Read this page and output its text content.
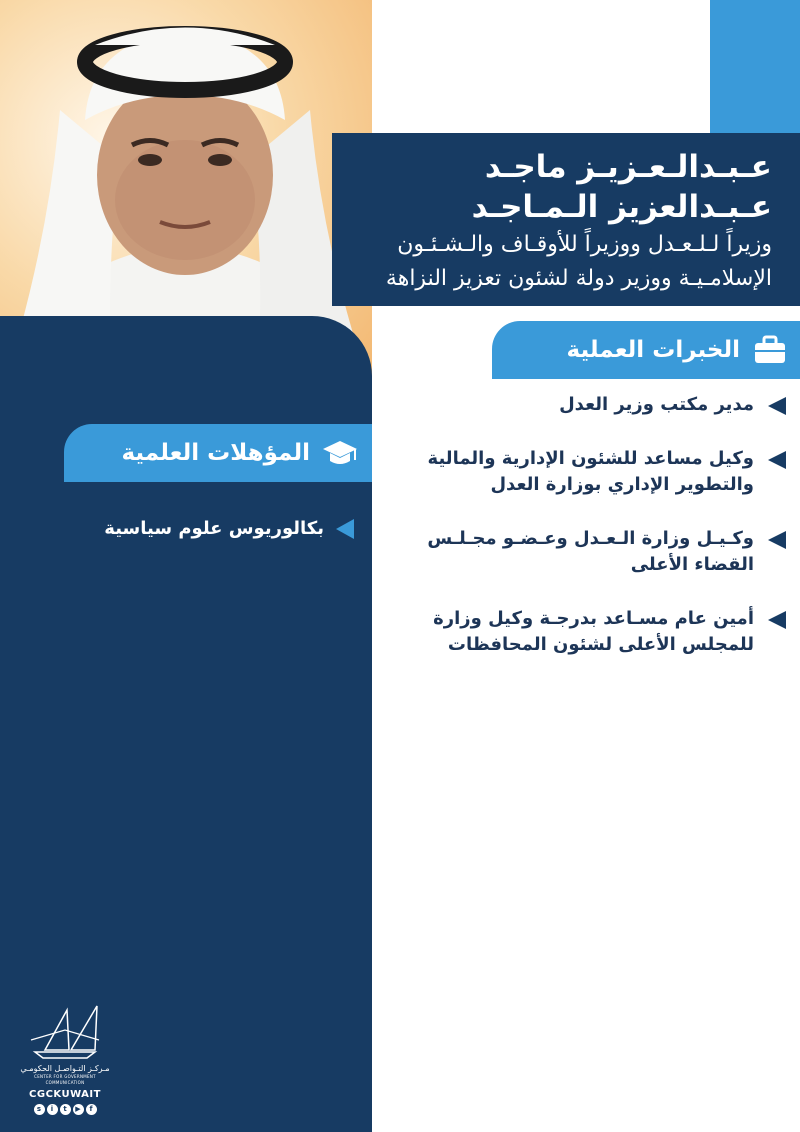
عـبـدالـعـزيـز ماجـد
عـبـدالعزيز الـمـاجـد
وزيراً لـلـعـدل ووزيراً للأوقـاف والـشـئـون
الإسلامـيـة ووزير دولة لشئون تعزيز النزاهة
الخبرات العملية
مدير مكتب وزير العدل
وكيل مساعد للشئون الإدارية والمالية والتطوير الإداري بوزارة العدل
وكـيـل وزارة الـعـدل وعـضـو مجـلـس القضاء الأعلى
أمين عام مسـاعد بدرجـة وكيل وزارة للمجلس الأعلى لشئون المحافظات
المؤهلات العلمية
بكالوريوس علوم سياسية
مـركـز التـواصـل الحكومـي
CENTER FOR GOVERNMENT COMMUNICATION
CGCKUWAIT
s	i	t	▶	f
